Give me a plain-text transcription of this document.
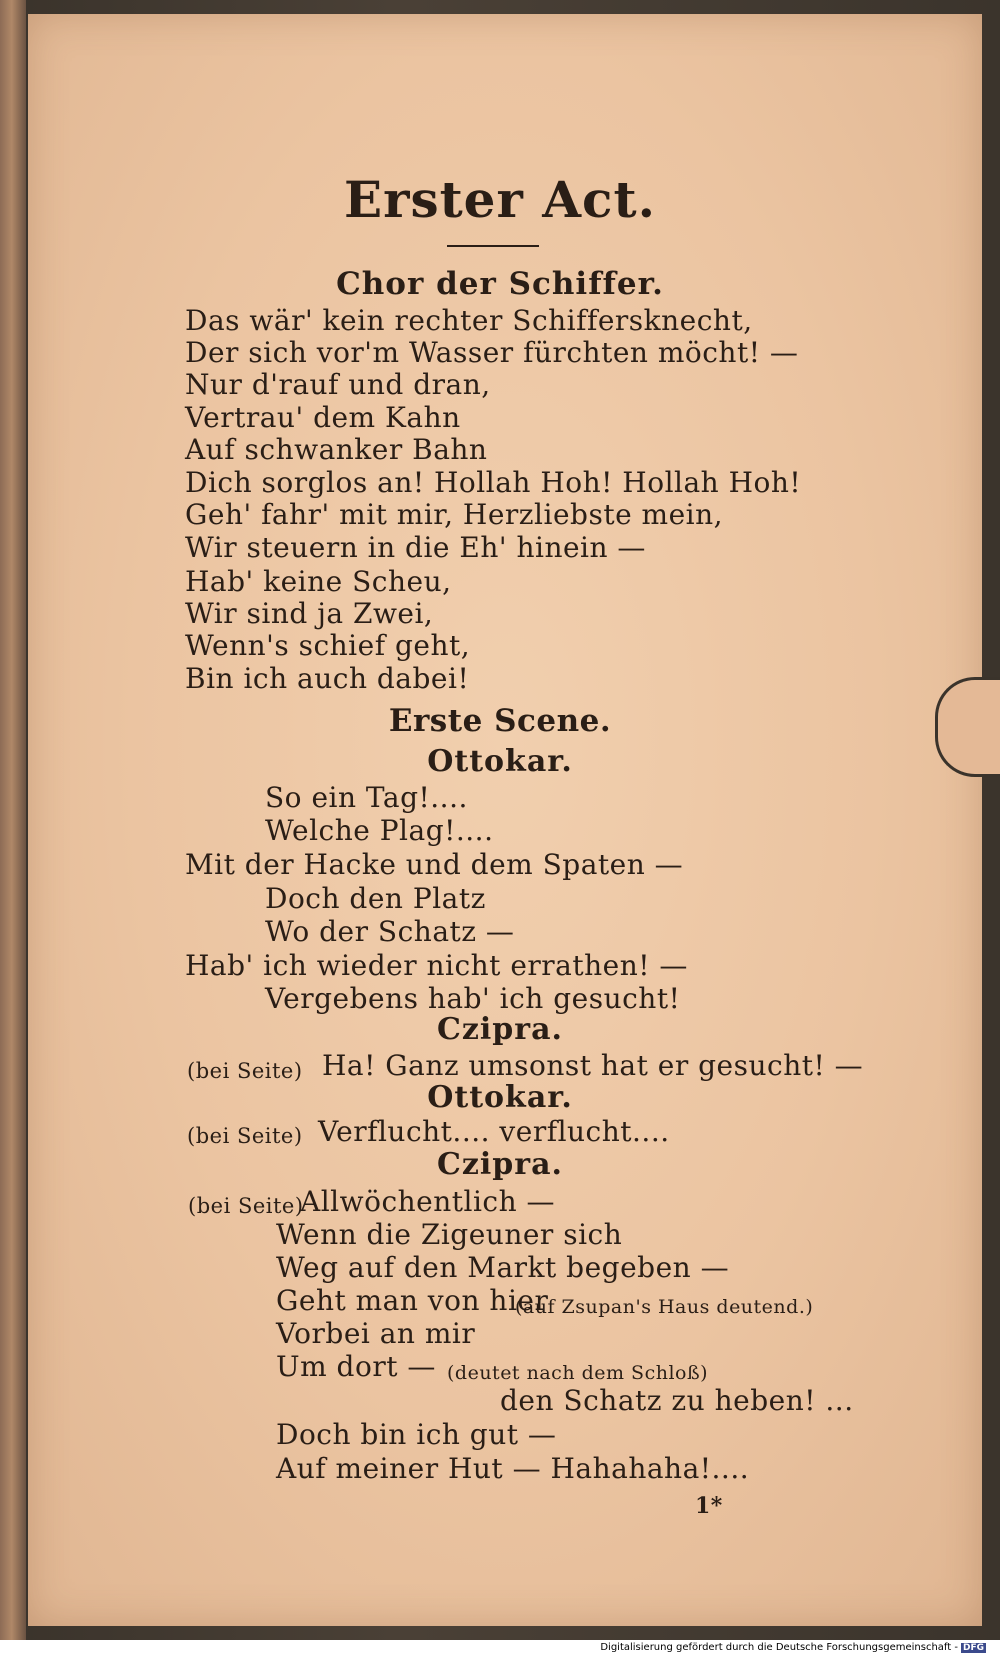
Erster Act.
Chor der Schiffer.
Das wär' kein rechter Schiffersknecht,
Der sich vor'm Wasser fürchten möcht! —
Nur d'rauf und dran,
Vertrau' dem Kahn
Auf schwanker Bahn
Dich sorglos an! Hollah Hoh! Hollah Hoh!
Geh' fahr' mit mir, Herzliebste mein,
Wir steuern in die Eh' hinein —
Hab' keine Scheu,
Wir sind ja Zwei,
Wenn's schief geht,
Bin ich auch dabei!
Erste Scene.
Ottokar.
So ein Tag!....
Welche Plag!....
Mit der Hacke und dem Spaten —
Doch den Platz
Wo der Schatz —
Hab' ich wieder nicht errathen! —
Vergebens hab' ich gesucht!
Czipra.
(bei Seite) Ha! Ganz umsonst hat er gesucht! —
Ottokar.
(bei Seite) Verflucht.... verflucht....
Czipra.
(bei Seite)
Allwöchentlich —
Wenn die Zigeuner sich
Weg auf den Markt begeben —
Geht man von hier
(auf Zsupan's Haus deutend.)
Vorbei an mir
Um dort — (deutet nach dem Schloß)
den Schatz zu heben! ...
Doch bin ich gut —
Auf meiner Hut — Hahahaha!....
1*
Digitalisierung gefördert durch die Deutsche Forschungsgemeinschaft - DFG
